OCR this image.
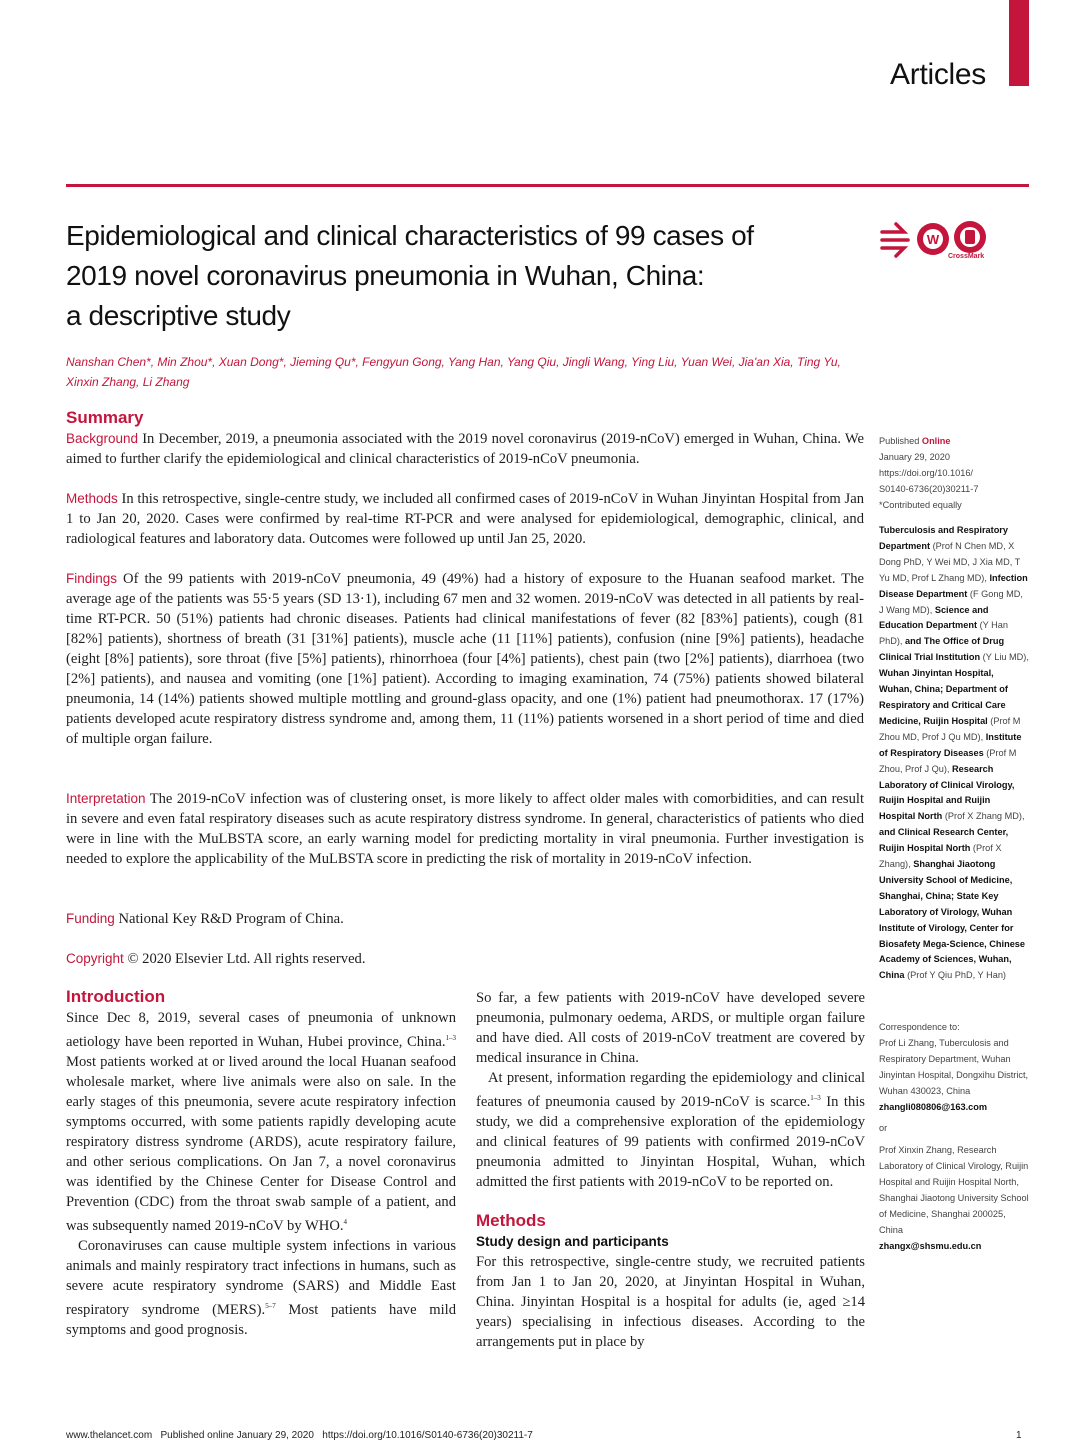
Articles
Epidemiological and clinical characteristics of 99 cases of
2019 novel coronavirus pneumonia in Wuhan, China:
a descriptive study
W
CrossMark
Nanshan Chen*, Min Zhou*, Xuan Dong*, Jieming Qu*, Fengyun Gong, Yang Han, Yang Qiu, Jingli Wang, Ying Liu, Yuan Wei, Jia'an Xia, Ting Yu,
Xinxin Zhang, Li Zhang
Summary
Background In December, 2019, a pneumonia associated with the 2019 novel coronavirus (2019-nCoV) emerged in Wuhan, China. We aimed to further clarify the epidemiological and clinical characteristics of 2019-nCoV pneumonia.
Methods In this retrospective, single-centre study, we included all confirmed cases of 2019-nCoV in Wuhan Jinyintan Hospital from Jan 1 to Jan 20, 2020. Cases were confirmed by real-time RT-PCR and were analysed for epidemiological, demographic, clinical, and radiological features and laboratory data. Outcomes were followed up until Jan 25, 2020.
Findings Of the 99 patients with 2019-nCoV pneumonia, 49 (49%) had a history of exposure to the Huanan seafood market. The average age of the patients was 55·5 years (SD 13·1), including 67 men and 32 women. 2019-nCoV was detected in all patients by real-time RT-PCR. 50 (51%) patients had chronic diseases. Patients had clinical manifestations of fever (82 [83%] patients), cough (81 [82%] patients), shortness of breath (31 [31%] patients), muscle ache (11 [11%] patients), confusion (nine [9%] patients), headache (eight [8%] patients), sore throat (five [5%] patients), rhinorrhoea (four [4%] patients), chest pain (two [2%] patients), diarrhoea (two [2%] patients), and nausea and vomiting (one [1%] patient). According to imaging examination, 74 (75%) patients showed bilateral pneumonia, 14 (14%) patients showed multiple mottling and ground-glass opacity, and one (1%) patient had pneumothorax. 17 (17%) patients developed acute respiratory distress syndrome and, among them, 11 (11%) patients worsened in a short period of time and died of multiple organ failure.
Interpretation The 2019-nCoV infection was of clustering onset, is more likely to affect older males with comorbidities, and can result in severe and even fatal respiratory diseases such as acute respiratory distress syndrome. In general, characteristics of patients who died were in line with the MuLBSTA score, an early warning model for predicting mortality in viral pneumonia. Further investigation is needed to explore the applicability of the MuLBSTA score in predicting the risk of mortality in 2019-nCoV infection.
Funding National Key R&D Program of China.
Copyright © 2020 Elsevier Ltd. All rights reserved.
Introduction

Since Dec 8, 2019, several cases of pneumonia of unknown aetiology have been reported in Wuhan, Hubei province, China.$^{1-3}$ Most patients worked at or lived around the local Huanan seafood wholesale market, where live animals were also on sale. In the early stages of this pneumonia, severe acute respiratory infection symptoms occurred, with some patients rapidly developing acute respiratory distress syndrome (ARDS), acute respiratory failure, and other serious complications. On Jan 7, a novel coronavirus was identified by the Chinese Center for Disease Control and Prevention (CDC) from the throat swab sample of a patient, and was subsequently named 2019-nCoV by WHO.$^4$

Coronaviruses can cause multiple system infections in various animals and mainly respiratory tract infections in humans, such as severe acute respiratory syndrome (SARS) and Middle East respiratory syndrome (MERS).$^{5-7}$ Most patients have mild symptoms and good prognosis.

So far, a few patients with 2019-nCoV have developed severe pneumonia, pulmonary oedema, ARDS, or multiple organ failure and have died. All costs of 2019-nCoV treatment are covered by medical insurance in China.

At present, information regarding the epidemiology and clinical features of pneumonia caused by 2019-nCoV is scarce.$^{1-3}$ In this study, we did a comprehensive exploration of the epidemiology and clinical features of 99 patients with confirmed 2019-nCoV pneumonia admitted to Jinyintan Hospital, Wuhan, which admitted the first patients with 2019-nCoV to be reported on.

Methods
Study design and participants

For this retrospective, single-centre study, we recruited patients from Jan 1 to Jan 20, 2020, at Jinyintan Hospital in Wuhan, China. Jinyintan Hospital is a hospital for adults (ie, aged ≥14 years) specialising in infectious diseases. According to the arrangements put in place by

Published Online
January 29, 2020
https://doi.org/10.1016/
S0140-6736(20)30211-7
*Contributed equally
Tuberculosis and Respiratory Department (Prof N Chen MD, X Dong PhD, Y Wei MD, J Xia MD, T Yu MD, Prof L Zhang MD), Infection Disease Department (F Gong MD, J Wang MD), Science and Education Department (Y Han PhD), and The Office of Drug Clinical Trial Institution (Y Liu MD), Wuhan Jinyintan Hospital, Wuhan, China; Department of Respiratory and Critical Care Medicine, Ruijin Hospital (Prof M Zhou MD, Prof J Qu MD), Institute of Respiratory Diseases (Prof M Zhou, Prof J Qu), Research Laboratory of Clinical Virology, Ruijin Hospital and Ruijin Hospital North (Prof X Zhang MD), and Clinical Research Center, Ruijin Hospital North (Prof X Zhang), Shanghai Jiaotong University School of Medicine, Shanghai, China; State Key Laboratory of Virology, Wuhan Institute of Virology, Center for Biosafety Mega-Science, Chinese Academy of Sciences, Wuhan, China (Prof Y Qiu PhD, Y Han)
Correspondence to:
Prof Li Zhang, Tuberculosis and Respiratory Department, Wuhan Jinyintan Hospital, Dongxihu District, Wuhan 430023, China
zhangli080806@163.com
or
Prof Xinxin Zhang, Research Laboratory of Clinical Virology, Ruijin Hospital and Ruijin Hospital North, Shanghai Jiaotong University School of Medicine, Shanghai 200025, China
zhangx@shsmu.edu.cn
www.thelancet.com   Published online January 29, 2020   https://doi.org/10.1016/S0140-6736(20)30211-7	1
